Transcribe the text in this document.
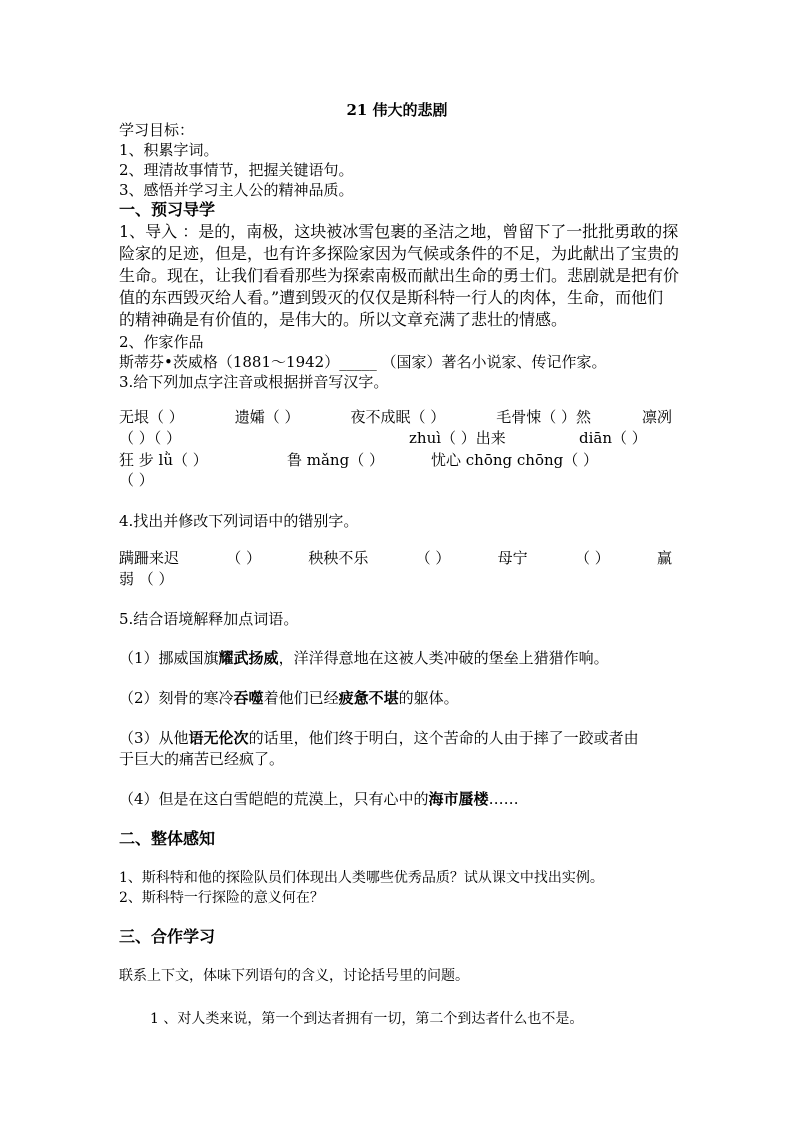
21 伟大的悲剧
学习目标：
1、积累字词。
2、理清故事情节，把握关键语句。
3、感悟并学习主人公的精神品质。
一、预习导学
1、导入 ：是的，南极，这块被冰雪包裹的圣洁之地，曾留下了一批批勇敢的探
险家的足迹，但是，也有许多探险家因为气候或条件的不足，为此献出了宝贵的
生命。现在，让我们看看那些为探索南极而献出生命的勇士们。悲剧就是把有价
值的东西毁灭给人看。”遭到毁灭的仅仅是斯科特一行人的肉体，生命，而他们
的精神确是有价值的，是伟大的。所以文章充满了悲壮的情感。
2、作家作品
斯蒂芬•茨威格（1881～1942）_____ （国家）著名小说家、传记作家。
3.给下列加点字注音或根据拼音写汉字。
无垠（ ）	遗孀（ ）	夜不成眠（ ）	毛骨悚（ ）然	凛冽
（ ）（ ）	zhuì（ ）出来	diān（ ）
狂 步 lǜ（ ）	鲁 mǎng（ ）	忧心 chōng chōng（ ）
（ ）
4.找出并修改下列词语中的错别字。
蹒跚来迟	（ ）	秧秧不乐	（ ）	母宁	（ ）	赢
弱 （ ）
5.结合语境解释加点词语。
（1）挪威国旗耀武扬威，洋洋得意地在这被人类冲破的堡垒上猎猎作响。
（2）刻骨的寒冷吞噬着他们已经疲惫不堪的躯体。
（3）从他语无伦次的话里，他们终于明白，这个苦命的人由于摔了一跤或者由
于巨大的痛苦已经疯了。
（4）但是在这白雪皑皑的荒漠上，只有心中的海市蜃楼……
二、整体感知
1、斯科特和他的探险队员们体现出人类哪些优秀品质？试从课文中找出实例。
2、斯科特一行探险的意义何在？
三、合作学习
联系上下文，体味下列语句的含义，讨论括号里的问题。
1 、对人类来说，第一个到达者拥有一切，第二个到达者什么也不是。
